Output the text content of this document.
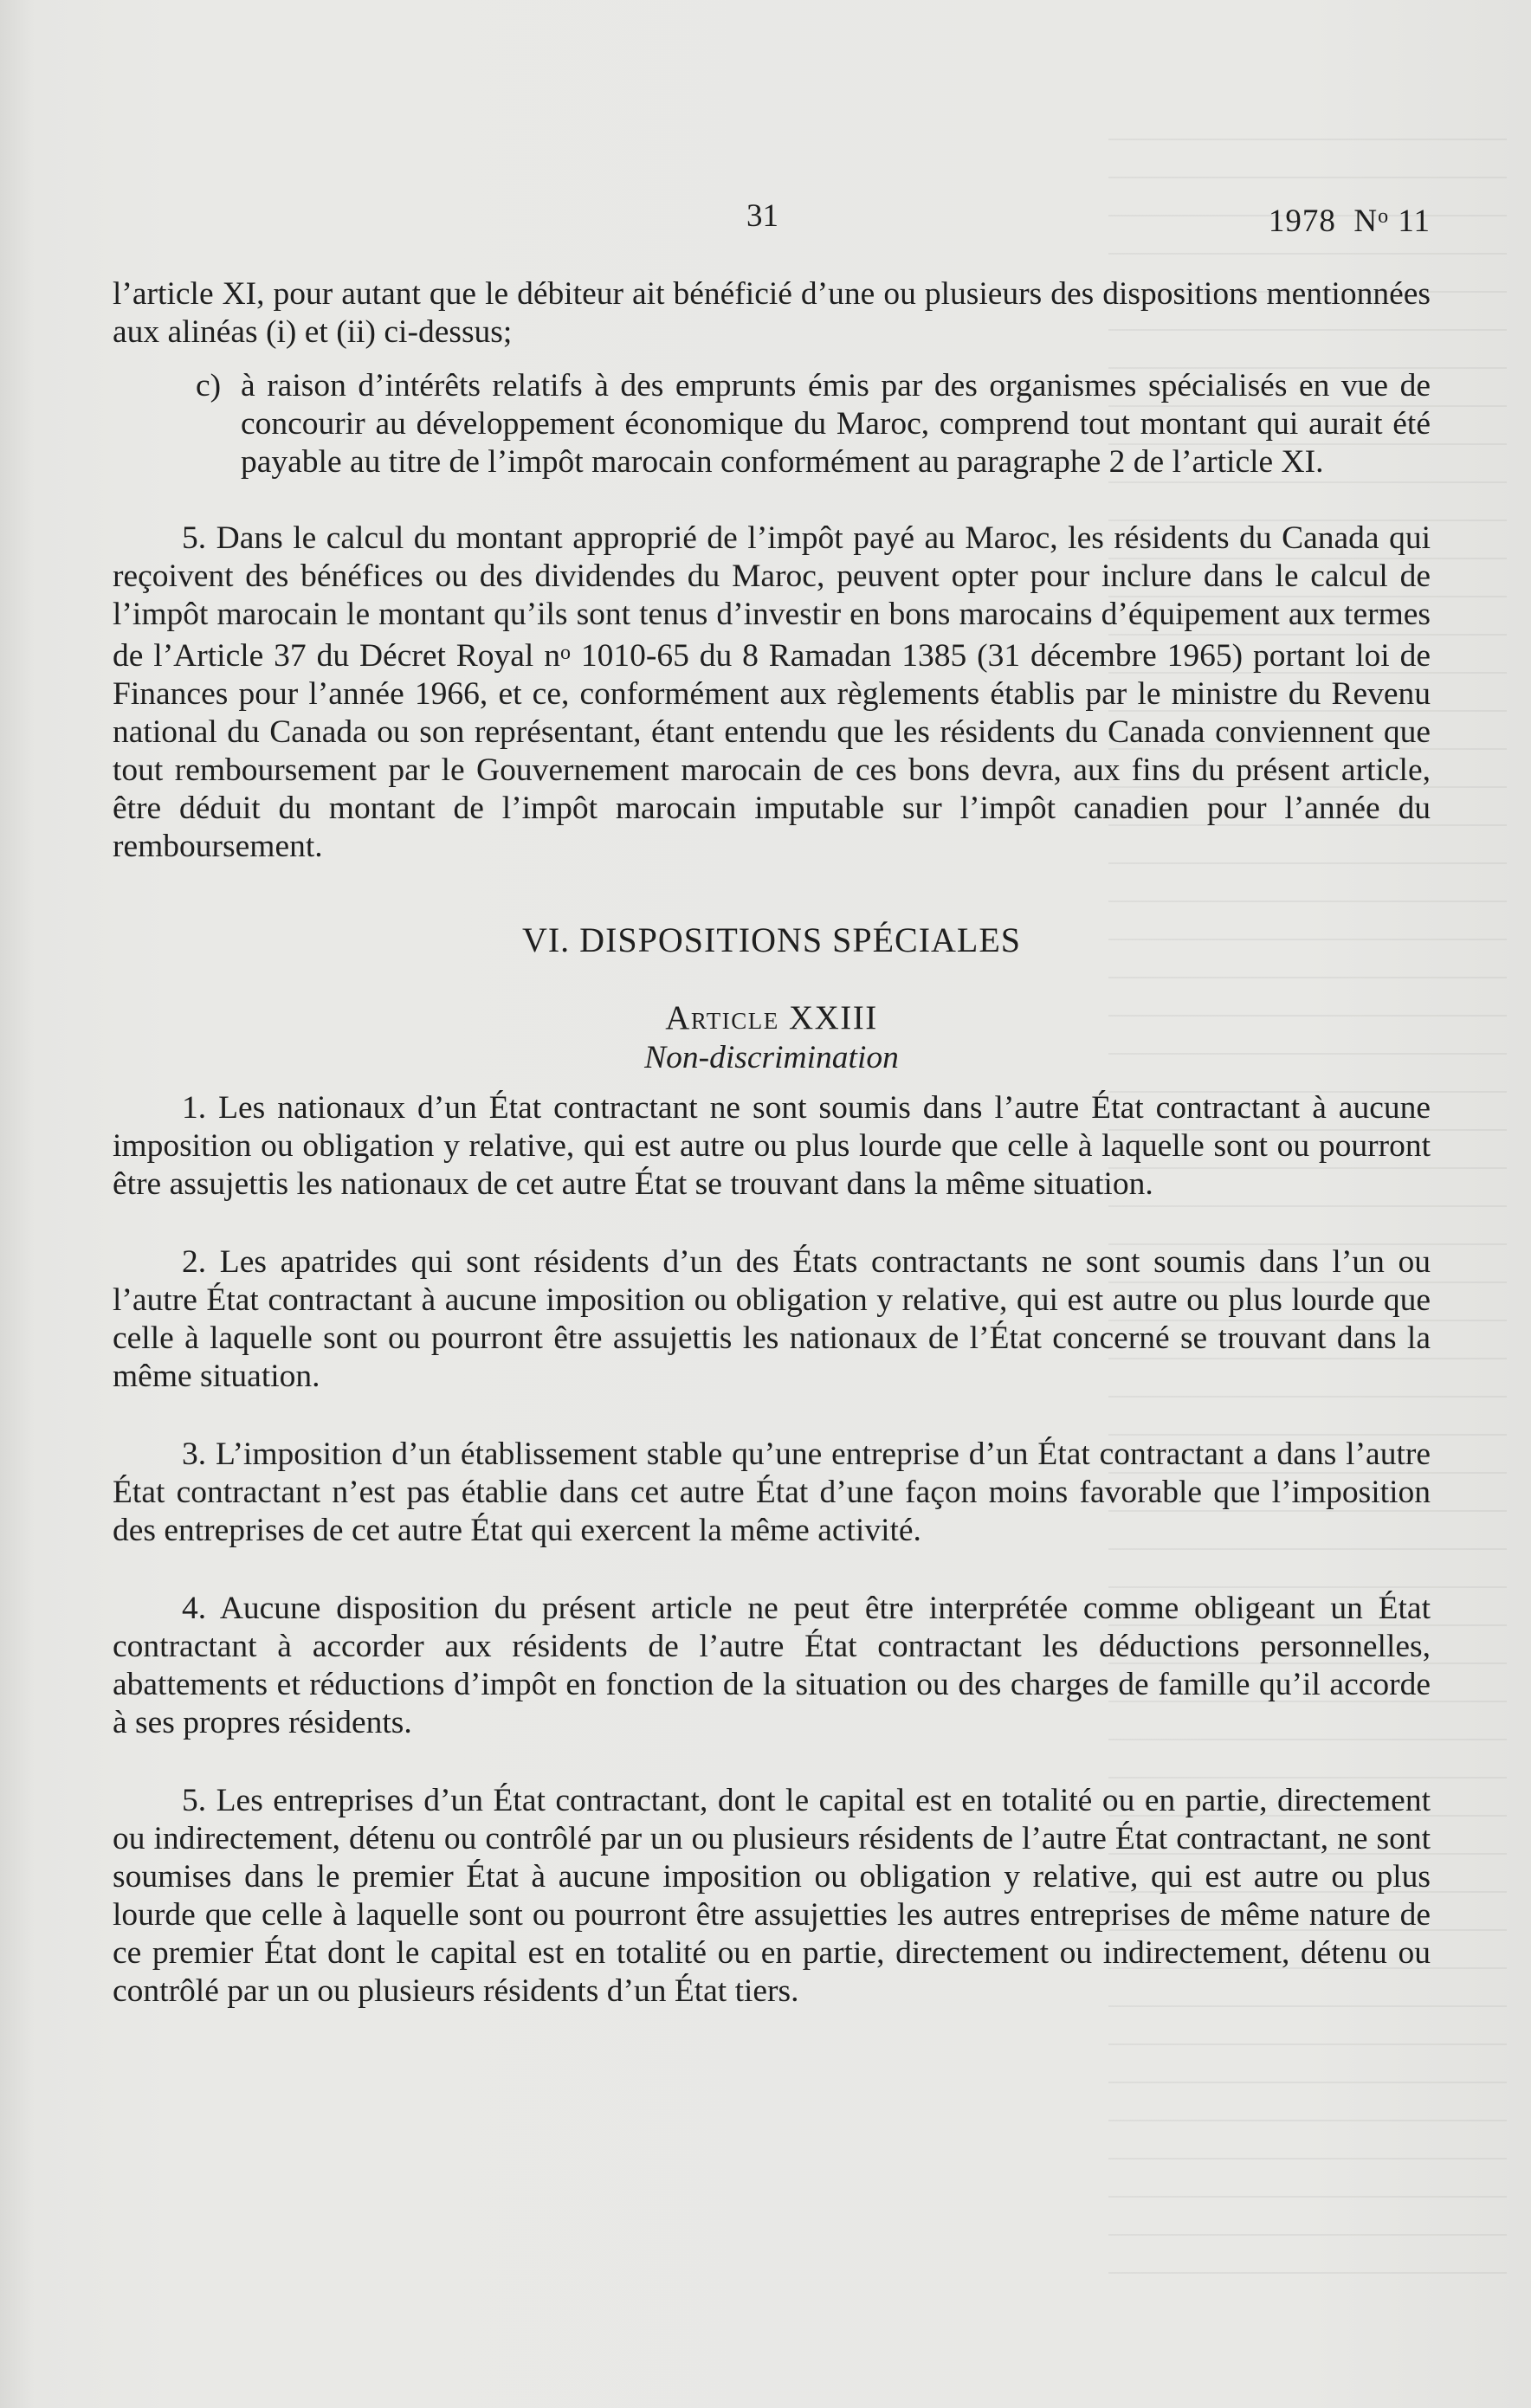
31	1978 $N^o$ 11

l’article XI, pour autant que le débiteur ait bénéficié d’une ou plusieurs des dispositions mentionnées aux alinéas (i) et (ii) ci-dessus;

c) à raison d’intérêts relatifs à des emprunts émis par des organismes spécialisés en vue de concourir au développement économique du Maroc, comprend tout montant qui aurait été payable au titre de l’impôt marocain conformément au paragraphe 2 de l’article XI.

5. Dans le calcul du montant approprié de l’impôt payé au Maroc, les résidents du Canada qui reçoivent des bénéfices ou des dividendes du Maroc, peuvent opter pour inclure dans le calcul de l’impôt marocain le montant qu’ils sont tenus d’investir en bons marocains d’équipement aux termes de l’Article 37 du Décret Royal $n^o$ 1010-65 du 8 Ramadan 1385 (31 décembre 1965) portant loi de Finances pour l’année 1966, et ce, conformément aux règlements établis par le ministre du Revenu national du Canada ou son représentant, étant entendu que les résidents du Canada conviennent que tout remboursement par le Gouvernement marocain de ces bons devra, aux fins du présent article, être déduit du montant de l’impôt marocain imputable sur l’impôt canadien pour l’année du remboursement.

VI. DISPOSITIONS SPÉCIALES
Article XXIII
Non-discrimination

1. Les nationaux d’un État contractant ne sont soumis dans l’autre État contractant à aucune imposition ou obligation y relative, qui est autre ou plus lourde que celle à laquelle sont ou pourront être assujettis les nationaux de cet autre État se trouvant dans la même situation.

2. Les apatrides qui sont résidents d’un des États contractants ne sont soumis dans l’un ou l’autre État contractant à aucune imposition ou obligation y relative, qui est autre ou plus lourde que celle à laquelle sont ou pourront être assujettis les nationaux de l’État concerné se trouvant dans la même situation.

3. L’imposition d’un établissement stable qu’une entreprise d’un État contractant a dans l’autre État contractant n’est pas établie dans cet autre État d’une façon moins favorable que l’imposition des entreprises de cet autre État qui exercent la même activité.

4. Aucune disposition du présent article ne peut être interprétée comme obligeant un État contractant à accorder aux résidents de l’autre État contractant les déductions personnelles, abattements et réductions d’impôt en fonction de la situation ou des charges de famille qu’il accorde à ses propres résidents.

5. Les entreprises d’un État contractant, dont le capital est en totalité ou en partie, directement ou indirectement, détenu ou contrôlé par un ou plusieurs résidents de l’autre État contractant, ne sont soumises dans le premier État à aucune imposition ou obligation y relative, qui est autre ou plus lourde que celle à laquelle sont ou pourront être assujetties les autres entreprises de même nature de ce premier État dont le capital est en totalité ou en partie, directement ou indirectement, détenu ou contrôlé par un ou plusieurs résidents d’un État tiers.
